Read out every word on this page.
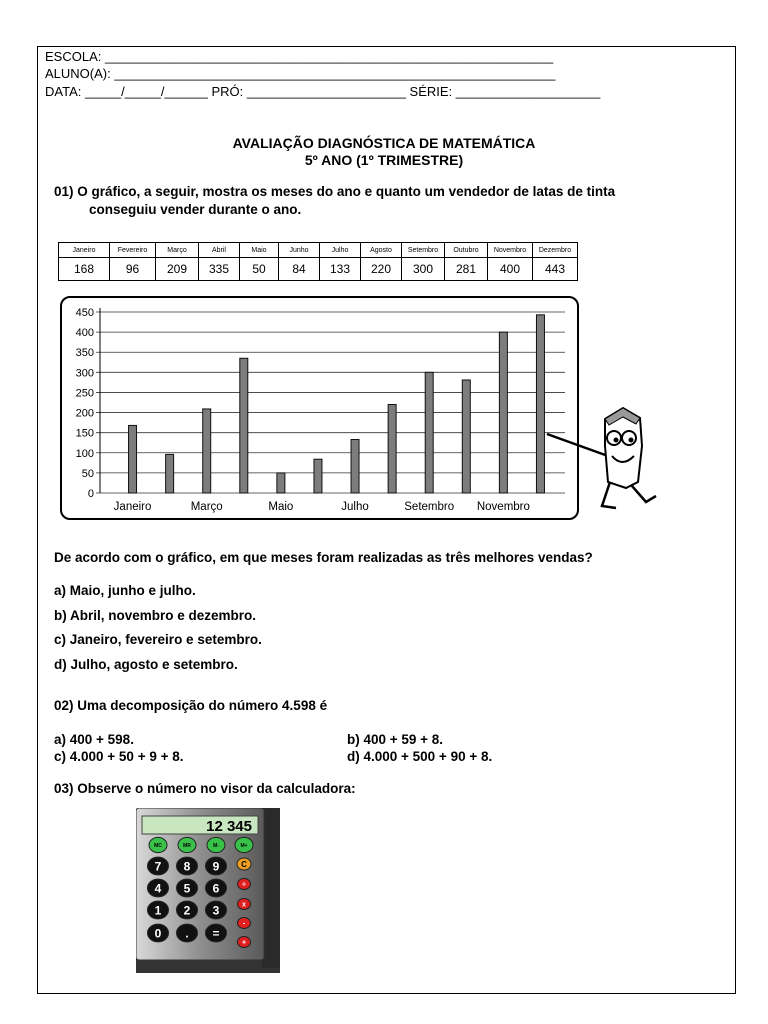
ESCOLA: ______________________________________________________________
ALUNO(A): _____________________________________________________________
DATA: _____/_____/______ PRÓ: ______________________ SÉRIE: ____________________
AVALIAÇÃO DIAGNÓSTICA DE MATEMÁTICA
5º ANO (1º TRIMESTRE)
01) O gráfico, a seguir, mostra os meses do ano e quanto um vendedor de latas de tinta
conseguiu vender durante o ano.
Janeiro	Fevereiro	Março	Abril	Maio	Junho	Julho	Agosto	Setembro	Outubro	Novembro	Dezembro
168	96	209	335	50	84	133	220	300	281	400	443
0
50
100
150
200
250
300
350
400
450
Janeiro	Março	Maio	Julho	Setembro Novembro
De acordo com o gráfico, em que meses foram realizadas as três melhores vendas?
a) Maio, junho e julho.
b) Abril, novembro e dezembro.
c) Janeiro, fevereiro e setembro.
d) Julho, agosto e setembro.
02) Uma decomposição do número 4.598 é
a) 400 + 598.	b) 400 + 59 + 8.
c) 4.000 + 50 + 9 + 8.	d) 4.000 + 500 + 90 + 8.
03) Observe o número no visor da calculadora:
12 345
MC	MR	M-	M+
7 8 9
4 5 6
1 2 3
0 . =
C
÷
x
-
+
